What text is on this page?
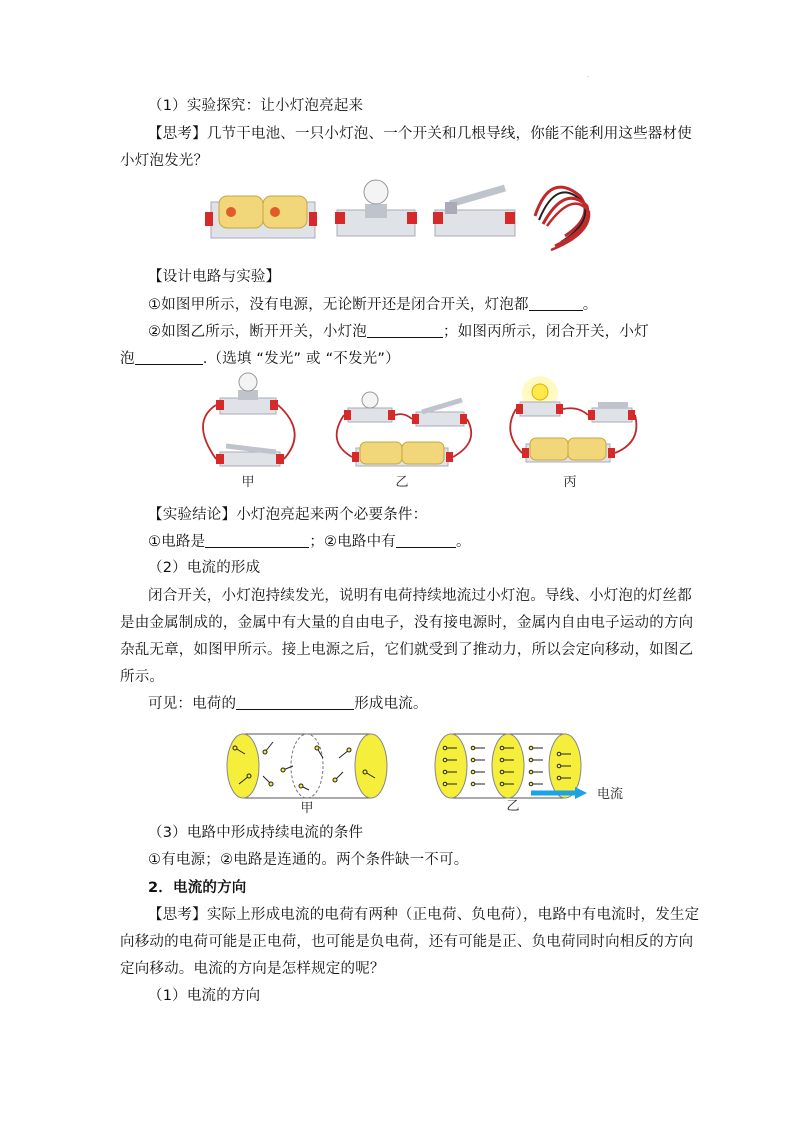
.
（1）实验探究：让小灯泡亮起来
【思考】几节干电池、一只小灯泡、一个开关和几根导线，你能不能利用这些器材使
小灯泡发光？
【设计电路与实验】
①如图甲所示，没有电源，无论断开还是闭合开关，灯泡都	。
②如图乙所示，断开开关，小灯泡	；如图丙所示，闭合开关，小灯
泡	.（选填 “发光” 或 “不发光”）
甲	乙	丙
【实验结论】小灯泡亮起来两个必要条件：
①电路是	；②电路中有	。
（2）电流的形成
闭合开关，小灯泡持续发光，说明有电荷持续地流过小灯泡。导线、小灯泡的灯丝都
是由金属制成的，金属中有大量的自由电子，没有接电源时，金属内自由电子运动的方向
杂乱无章，如图甲所示。接上电源之后，它们就受到了推动力，所以会定向移动，如图乙
所示。
可见：电荷的	形成电流。
甲
电流
乙
（3）电路中形成持续电流的条件
①有电源；②电路是连通的。两个条件缺一不可。
2．电流的方向
【思考】实际上形成电流的电荷有两种（正电荷、负电荷），电路中有电流时，发生定
向移动的电荷可能是正电荷，也可能是负电荷，还有可能是正、负电荷同时向相反的方向
定向移动。电流的方向是怎样规定的呢？
（1）电流的方向
